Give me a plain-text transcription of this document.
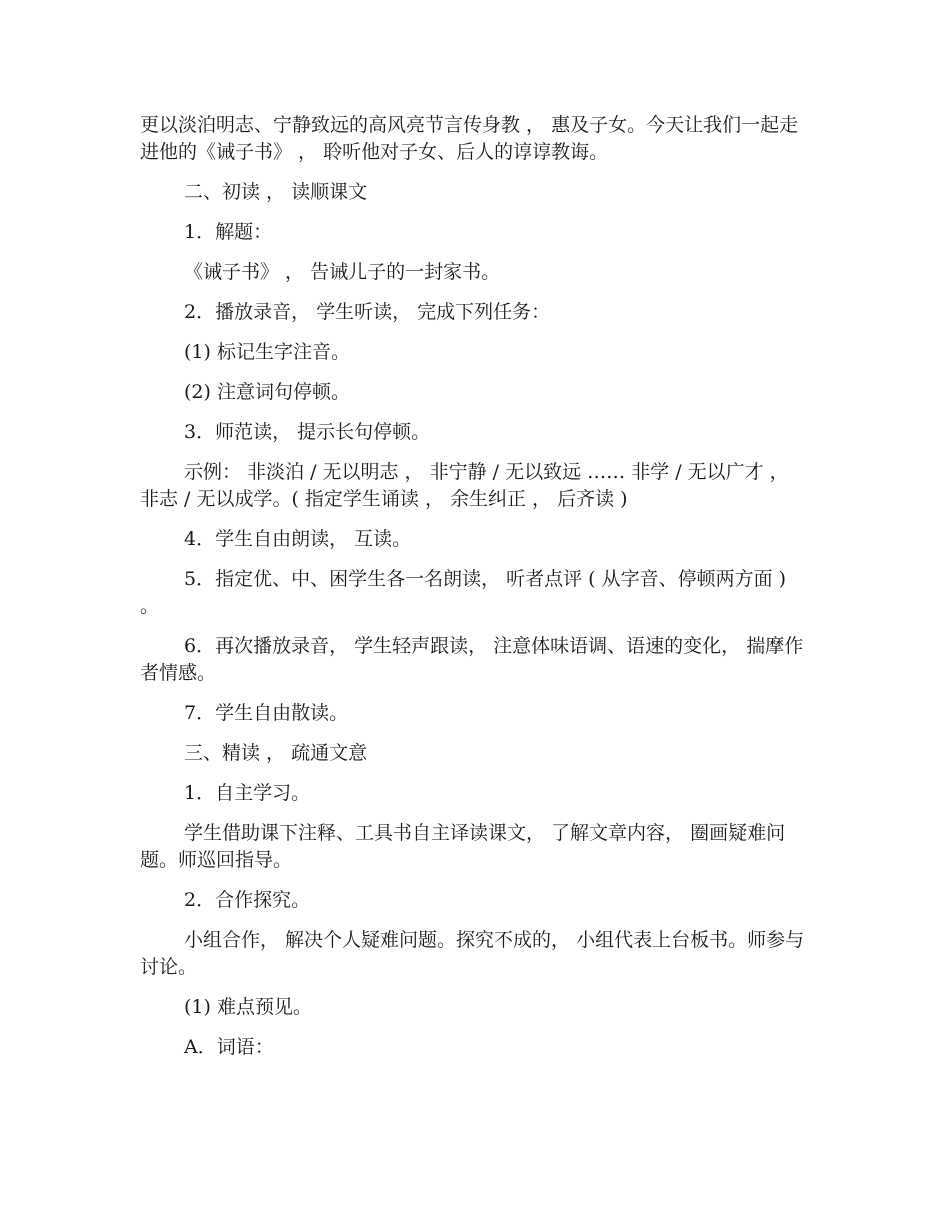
更以淡泊明志、宁静致远的高风亮节言传身教 ， 惠及子女。今天让我们一起走进他的《诫子书》 ， 聆听他对子女、后人的谆谆教诲。

二、初读 ， 读顺课文

1．解题：

《诫子书》 ， 告诫儿子的一封家书。

2．播放录音， 学生听读， 完成下列任务：

(1) 标记生字注音。

(2) 注意词句停顿。

3．师范读， 提示长句停顿。

示例： 非淡泊 / 无以明志 ， 非宁静 / 无以致远 …… 非学 / 无以广才 ， 非志 / 无以成学。( 指定学生诵读 ， 余生纠正 ， 后齐读 )

4．学生自由朗读， 互读。

5．指定优、中、困学生各一名朗读， 听者点评 ( 从字音、停顿两方面 ) 。

6．再次播放录音， 学生轻声跟读， 注意体味语调、语速的变化， 揣摩作者情感。

7．学生自由散读。

三、精读 ， 疏通文意

1．自主学习。

学生借助课下注释、工具书自主译读课文， 了解文章内容， 圈画疑难问题。师巡回指导。

2．合作探究。

小组合作， 解决个人疑难问题。探究不成的， 小组代表上台板书。师参与讨论。

(1) 难点预见。

A．词语：
